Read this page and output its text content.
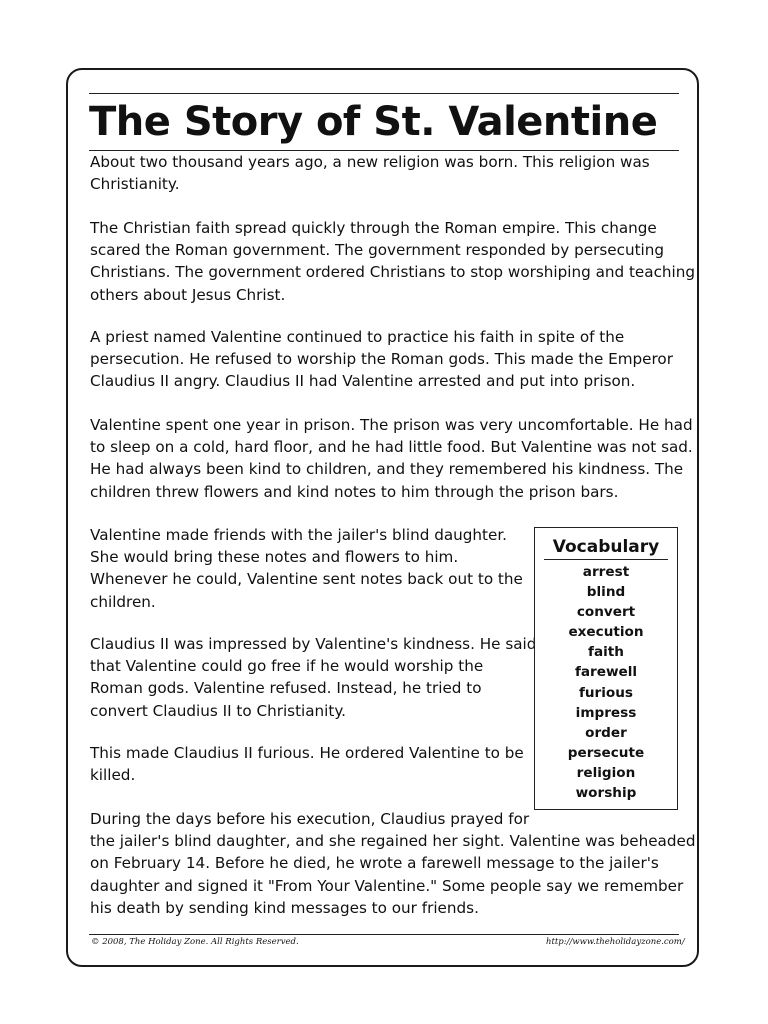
The Story of St. Valentine

About two thousand years ago, a new religion was born. This religion was
Christianity.

The Christian faith spread quickly through the Roman empire. This change
scared the Roman government. The government responded by persecuting
Christians. The government ordered Christians to stop worshiping and teaching
others about Jesus Christ.

A priest named Valentine continued to practice his faith in spite of the
persecution. He refused to worship the Roman gods. This made the Emperor
Claudius II angry. Claudius II had Valentine arrested and put into prison.

Valentine spent one year in prison. The prison was very uncomfortable. He had
to sleep on a cold, hard floor, and he had little food. But Valentine was not sad.
He had always been kind to children, and they remembered his kindness. The
children threw flowers and kind notes to him through the prison bars.

Valentine made friends with the jailer's blind daughter.
She would bring these notes and flowers to him.
Whenever he could, Valentine sent notes back out to the
children.

Claudius II was impressed by Valentine's kindness. He said
that Valentine could go free if he would worship the
Roman gods. Valentine refused. Instead, he tried to
convert Claudius II to Christianity.

This made Claudius II furious. He ordered Valentine to be
killed.

During the days before his execution, Claudius prayed for
the jailer's blind daughter, and she regained her sight. Valentine was beheaded
on February 14. Before he died, he wrote a farewell message to the jailer's
daughter and signed it "From Your Valentine." Some people say we remember
his death by sending kind messages to our friends.

Vocabulary
arrest
blind
convert
execution
faith
farewell
furious
impress
order
persecute
religion
worship
© 2008, The Holiday Zone. All Rights Reserved.	http://www.theholidayzone.com/
